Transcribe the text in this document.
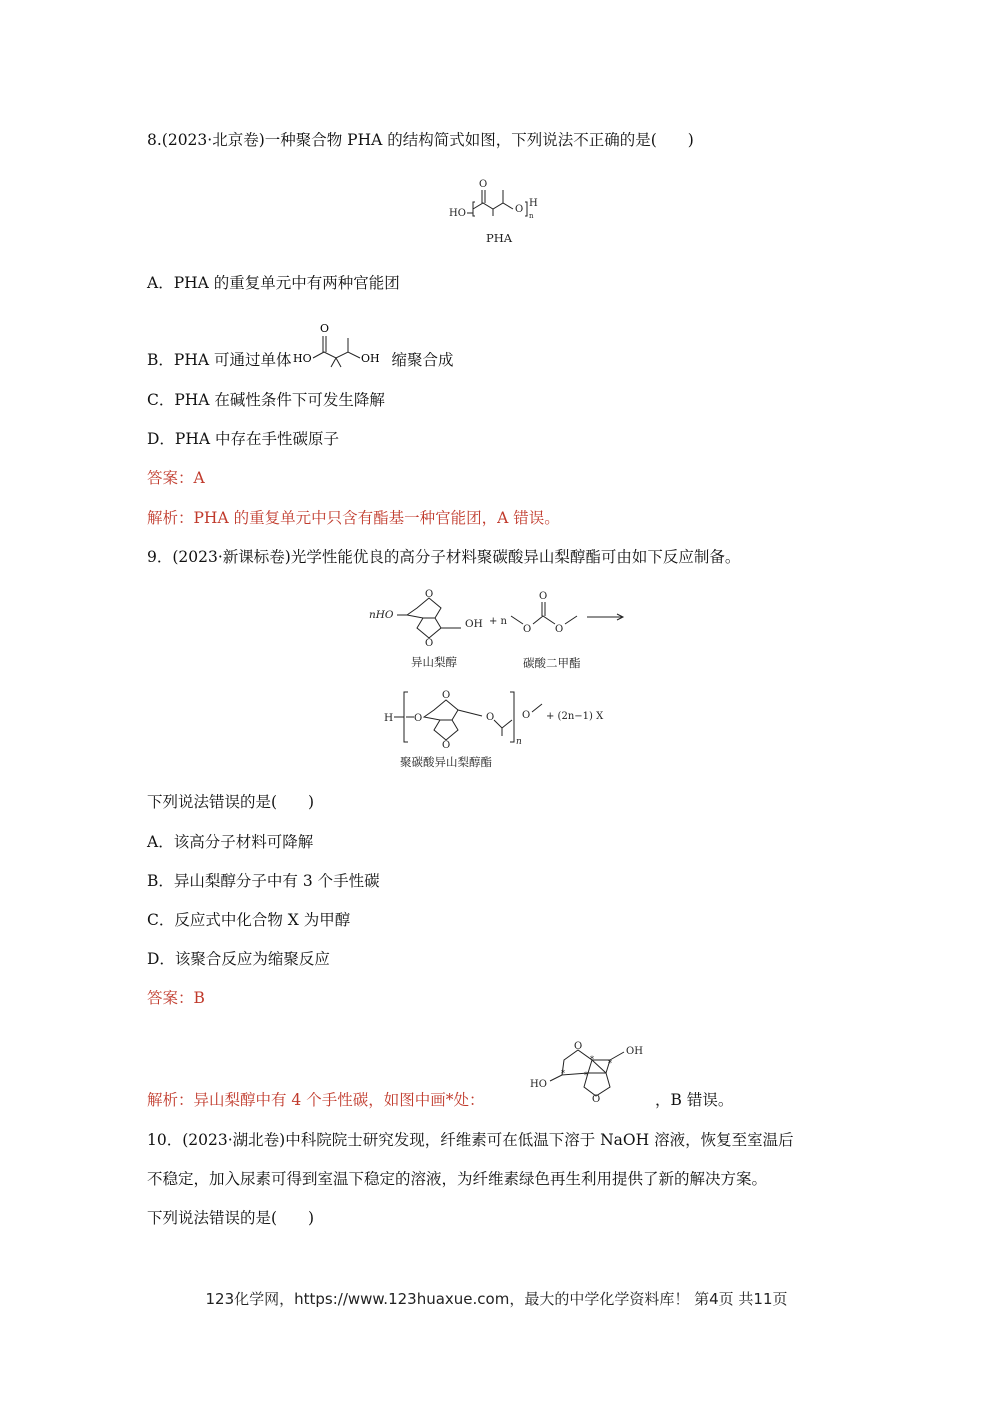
8.(2023·北京卷)一种聚合物 PHA 的结构简式如图，下列说法不正确的是(　　)
HO
O
O
H
n
PHA
A．PHA 的重复单元中有两种官能团
B．PHA 可通过单体 HO
O
OH 缩聚合成
C．PHA 在碱性条件下可发生降解
D．PHA 中存在手性碳原子
答案：A
解析：PHA 的重复单元中只含有酯基一种官能团，A 错误。
9．(2023·新课标卷)光学性能优良的高分子材料聚碳酸异山梨醇酯可由如下反应制备。
nHO
O
O
OH + n
O
O
O
异山梨醇	碳酸二甲酯
H O
O
O
O
n
O + (2n−1) X
聚碳酸异山梨醇酯
下列说法错误的是(　　)
A．该高分子材料可降解
B．异山梨醇分子中有 3 个手性碳
C．反应式中化合物 X 为甲醇
D．该聚合反应为缩聚反应
答案：B
解析：异山梨醇中有 4 个手性碳，如图中画*处：
HO
O
O
OH
*
*
*
*
，B 错误。
10．(2023·湖北卷)中科院院士研究发现，纤维素可在低温下溶于 NaOH 溶液，恢复至室温后
不稳定，加入尿素可得到室温下稳定的溶液，为纤维素绿色再生利用提供了新的解决方案。
下列说法错误的是(　　)
123化学网，https://www.123huaxue.com，最大的中学化学资料库！ 第4页 共11页
